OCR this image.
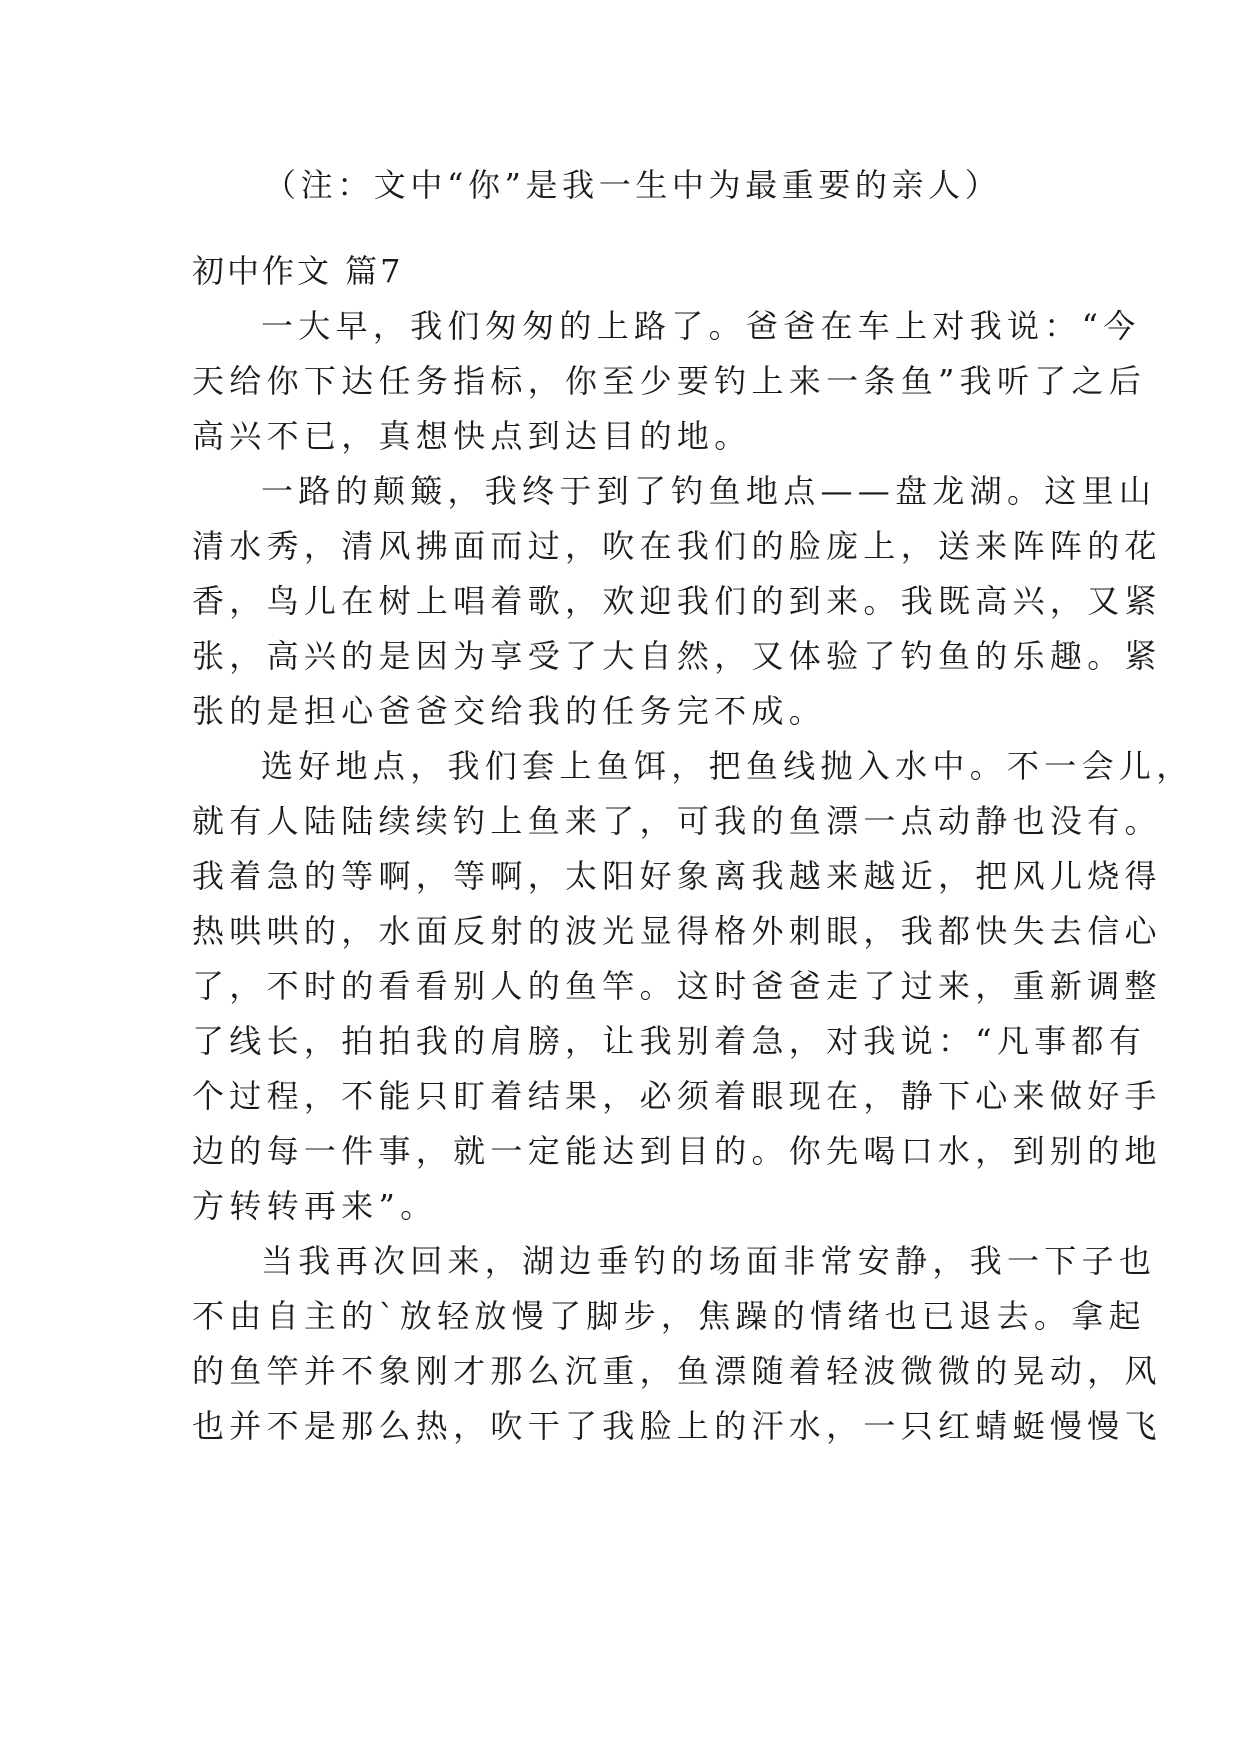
（注：文中“你”是我一生中为最重要的亲人）
初中作文 篇7
一大早，我们匆匆的上路了。爸爸在车上对我说：“今
天给你下达任务指标，你至少要钓上来一条鱼”我听了之后
高兴不已，真想快点到达目的地。
一路的颠簸，我终于到了钓鱼地点——盘龙湖。这里山
清水秀，清风拂面而过，吹在我们的脸庞上，送来阵阵的花
香，鸟儿在树上唱着歌，欢迎我们的到来。我既高兴，又紧
张，高兴的是因为享受了大自然，又体验了钓鱼的乐趣。紧
张的是担心爸爸交给我的任务完不成。
选好地点，我们套上鱼饵，把鱼线抛入水中。不一会儿，
就有人陆陆续续钓上鱼来了，可我的鱼漂一点动静也没有。
我着急的等啊，等啊，太阳好象离我越来越近，把风儿烧得
热哄哄的，水面反射的波光显得格外刺眼，我都快失去信心
了，不时的看看别人的鱼竿。这时爸爸走了过来，重新调整
了线长，拍拍我的肩膀，让我别着急，对我说：“凡事都有
个过程，不能只盯着结果，必须着眼现在，静下心来做好手
边的每一件事，就一定能达到目的。你先喝口水，到别的地
方转转再来”。
当我再次回来，湖边垂钓的场面非常安静，我一下子也
不由自主的`放轻放慢了脚步，焦躁的情绪也已退去。拿起
的鱼竿并不象刚才那么沉重，鱼漂随着轻波微微的晃动，风
也并不是那么热，吹干了我脸上的汗水，一只红蜻蜓慢慢飞
